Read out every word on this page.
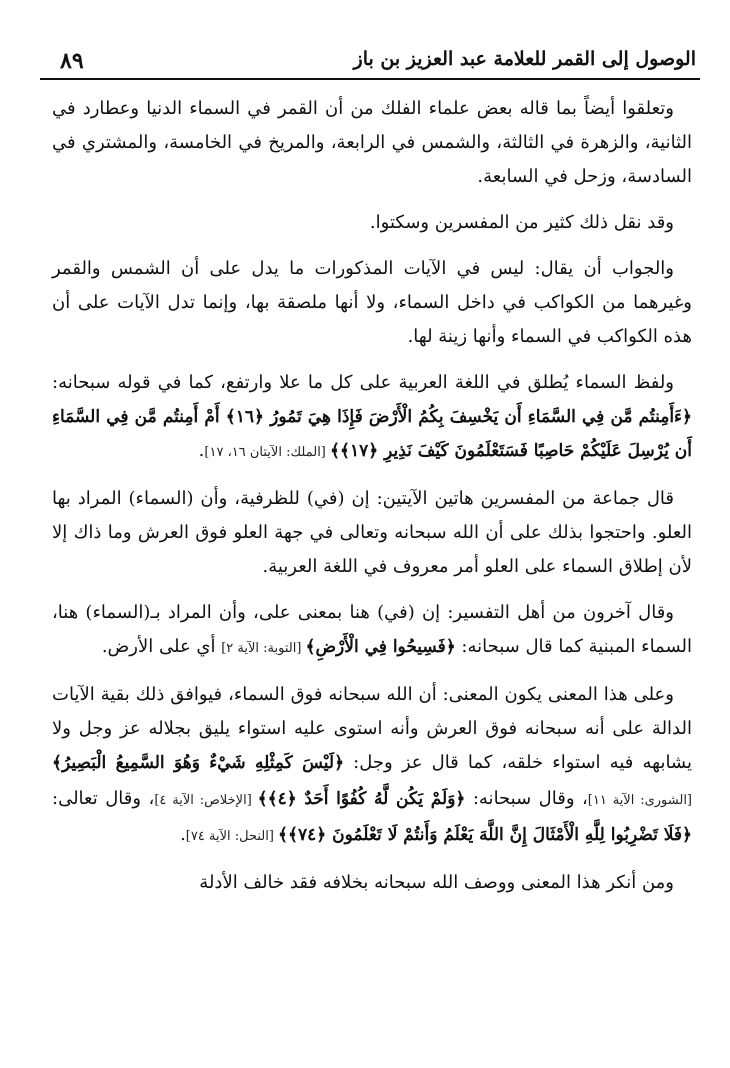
٨٩	الوصول إلى القمر للعلامة عبد العزيز بن باز

وتعلقوا أيضاً بما قاله بعض علماء الفلك من أن القمر في السماء الدنيا وعطارد في الثانية، والزهرة في الثالثة، والشمس في الرابعة، والمريخ في الخامسة، والمشتري في السادسة، وزحل في السابعة.

وقد نقل ذلك كثير من المفسرين وسكتوا.

والجواب أن يقال: ليس في الآيات المذكورات ما يدل على أن الشمس والقمر وغيرهما من الكواكب في داخل السماء، ولا أنها ملصقة بها، وإنما تدل الآيات على أن هذه الكواكب في السماء وأنها زينة لها.

ولفظ السماء يُطلق في اللغة العربية على كل ما علا وارتفع، كما في قوله سبحانه: ﴿ءَأَمِنتُم مَّن فِي السَّمَاءِ أَن يَخْسِفَ بِكُمُ الْأَرْضَ فَإِذَا هِيَ تَمُورُ ﴿١٦﴾ أَمْ أَمِنتُم مَّن فِي السَّمَاءِ أَن يُرْسِلَ عَلَيْكُمْ حَاصِبًا فَسَتَعْلَمُونَ كَيْفَ نَذِيرِ ﴿١٧﴾﴾ [الملك: الآيتان ١٦، ١٧].

قال جماعة من المفسرين هاتين الآيتين: إن (في) للظرفية، وأن (السماء) المراد بها العلو. واحتجوا بذلك على أن الله سبحانه وتعالى في جهة العلو فوق العرش وما ذاك إلا لأن إطلاق السماء على العلو أمر معروف في اللغة العربية.

وقال آخرون من أهل التفسير: إن (في) هنا بمعنى على، وأن المراد بـ(السماء) هنا، السماء المبنية كما قال سبحانه: ﴿فَسِيحُوا فِي الْأَرْضِ﴾ [التوبة: الآية ٢] أي على الأرض.

وعلى هذا المعنى يكون المعنى: أن الله سبحانه فوق السماء، فيوافق ذلك بقية الآيات الدالة على أنه سبحانه فوق العرش وأنه استوى عليه استواء يليق بجلاله عز وجل ولا يشابهه فيه استواء خلقه، كما قال عز وجل: ﴿لَيْسَ كَمِثْلِهِ شَيْءٌ وَهُوَ السَّمِيعُ الْبَصِيرُ﴾ [الشورى: الآية ١١]، وقال سبحانه: ﴿وَلَمْ يَكُن لَّهُ كُفُوًا أَحَدٌ ﴿٤﴾﴾ [الإخلاص: الآية ٤]، وقال تعالى: ﴿فَلَا تَضْرِبُوا لِلَّهِ الْأَمْثَالَ إِنَّ اللَّهَ يَعْلَمُ وَأَنتُمْ لَا تَعْلَمُونَ ﴿٧٤﴾﴾ [النحل: الآية ٧٤].

ومن أنكر هذا المعنى ووصف الله سبحانه بخلافه فقد خالف الأدلة
